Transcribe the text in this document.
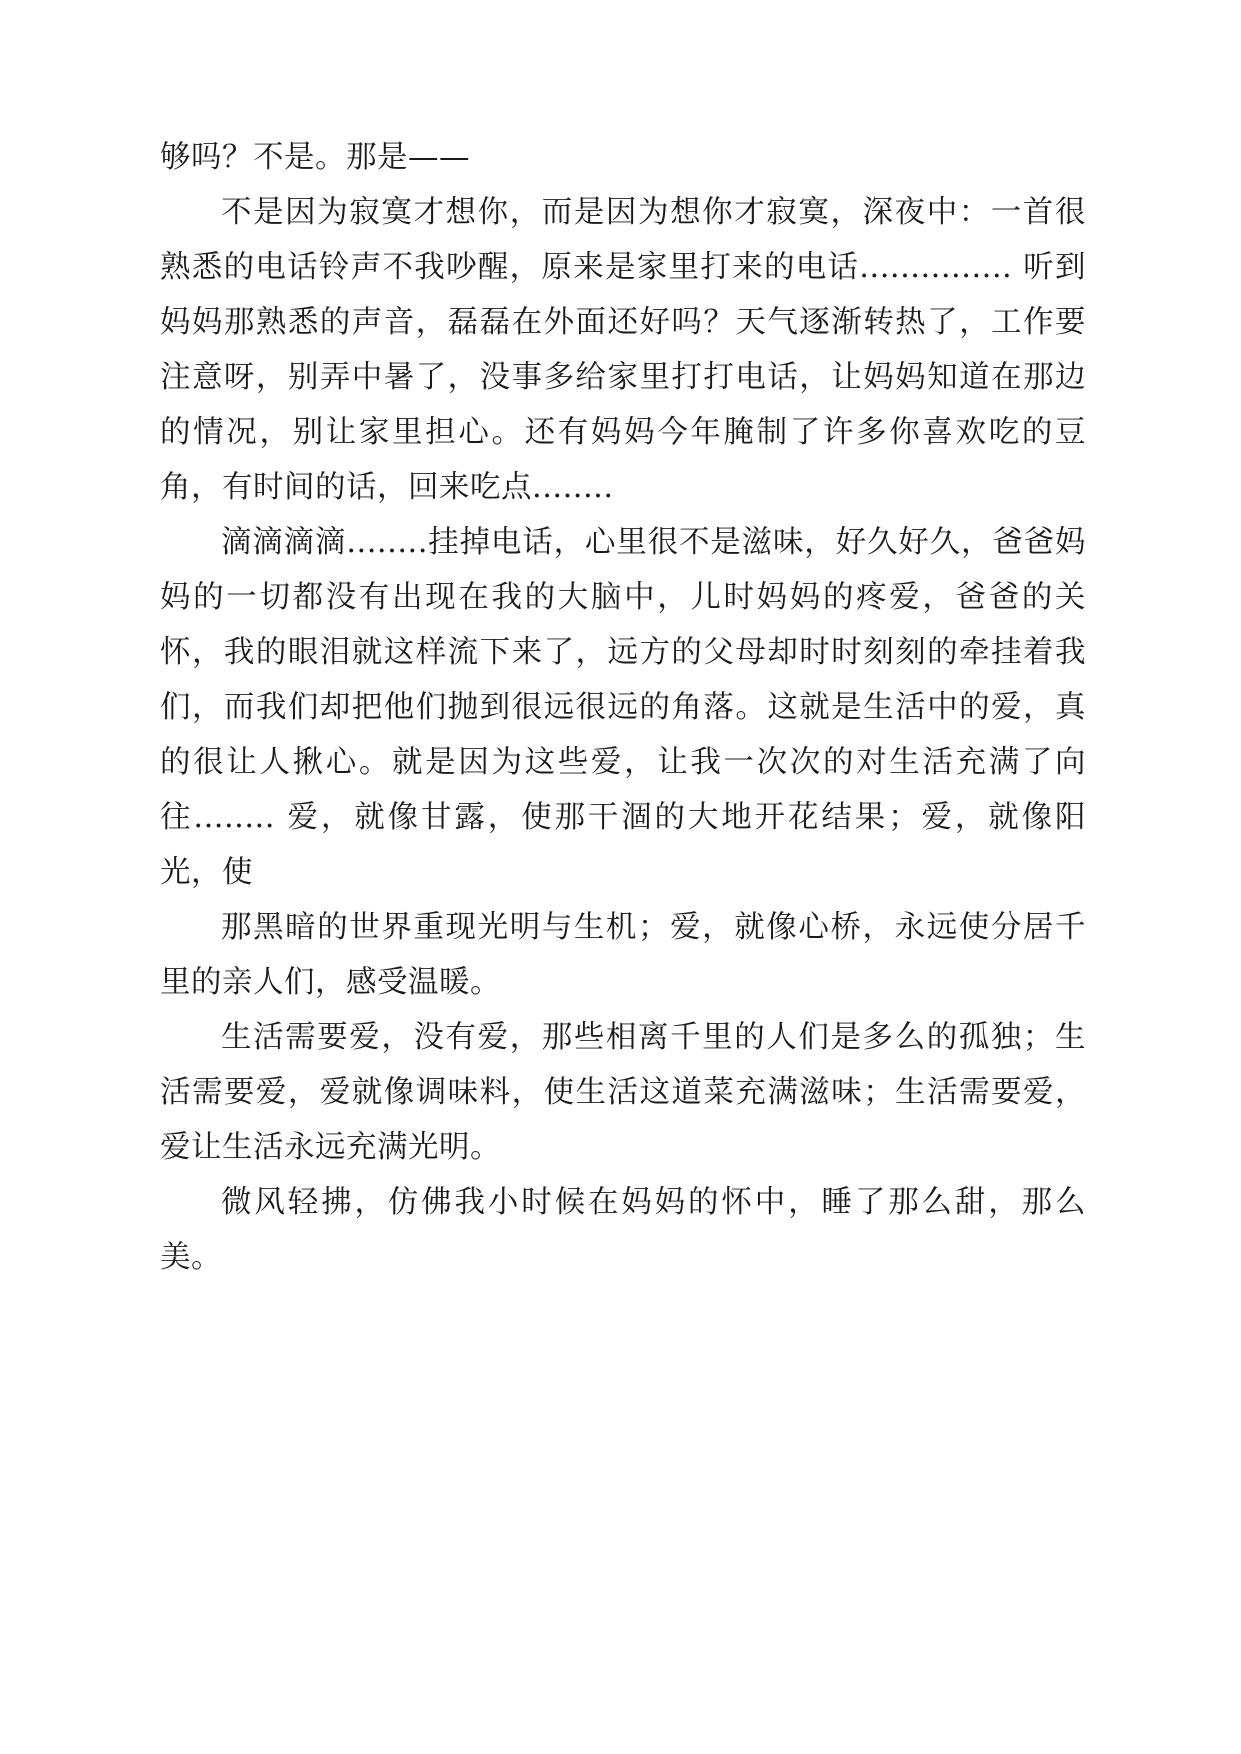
够吗？不是。那是——

不是因为寂寞才想你，而是因为想你才寂寞，深夜中：一首很熟悉的电话铃声不我吵醒，原来是家里打来的电话............... 听到妈妈那熟悉的声音，磊磊在外面还好吗？天气逐渐转热了，工作要注意呀，别弄中暑了，没事多给家里打打电话，让妈妈知道在那边的情况，别让家里担心。还有妈妈今年腌制了许多你喜欢吃的豆角，有时间的话，回来吃点........

滴滴滴滴........挂掉电话，心里很不是滋味，好久好久，爸爸妈妈的一切都没有出现在我的大脑中，儿时妈妈的疼爱，爸爸的关怀，我的眼泪就这样流下来了，远方的父母却时时刻刻的牵挂着我们，而我们却把他们抛到很远很远的角落。这就是生活中的爱，真的很让人揪心。就是因为这些爱，让我一次次的对生活充满了向往........ 爱，就像甘露，使那干涸的大地开花结果；爱，就像阳光，使

那黑暗的世界重现光明与生机；爱，就像心桥，永远使分居千里的亲人们，感受温暖。

生活需要爱，没有爱，那些相离千里的人们是多么的孤独；生活需要爱，爱就像调味料，使生活这道菜充满滋味；生活需要爱，爱让生活永远充满光明。

微风轻拂，仿佛我小时候在妈妈的怀中，睡了那么甜，那么美。
